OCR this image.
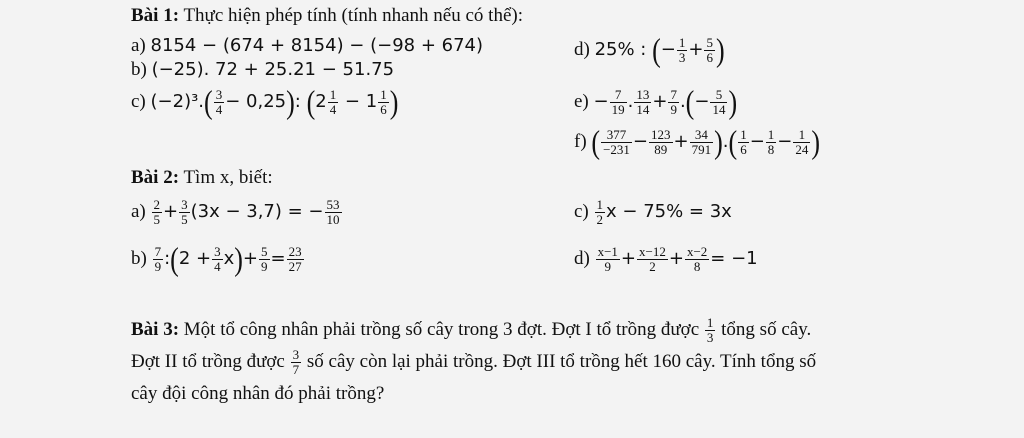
Bài 1: Thực hiện phép tính (tính nhanh nếu có thể):
a) 8154 − (674 + 8154) − (−98 + 674)
b) (−25). 72 + 25.21 − 51.75
c) $(-2)^3.( \frac{3}{4} - 0,25)$: ($2 \frac{1}{4} - 1 \frac{1}{6}$ )
d) 25% : (− $\frac{1}{3} + \frac{5}{6}$ )
$e) - \frac{7}{19}$ . $\frac{13}{14} + \frac{7}{9}$ .(− $\frac{5}{14}$ )
f) ( $\frac{377}{-231} - \frac{123}{89} + \frac{34}{791}$ ).( $\frac{1}{6} - \frac{1}{8} - \frac{1}{24}$ )
Bài 2: Tìm x, biết:
$a) \frac{2}{5} + \frac{3}{5} (3x - 3,7)$ = − $\frac{53}{10}$
$b) \frac{7}{9}$ :(2 + $\frac{3}{4} x)+ \frac{5}{9} = \frac{23}{27}$
$c) \frac{1}{2}$ x − 75% = 3x
$d) \frac{x-1}{9} + \frac{x-12}{2} + \frac{x-2}{8} = -1$
Bài 3: Một tổ công nhân phải trồng số cây trong 3 đợt. Đợt I tổ trồng được $\frac{1}{3}$ tổng số cây.
Đợt II tổ trồng được $\frac{3}{7}$ số cây còn lại phải trồng. Đợt III tổ trồng hết 160 cây. Tính tổng số
cây đội công nhân đó phải trồng?
